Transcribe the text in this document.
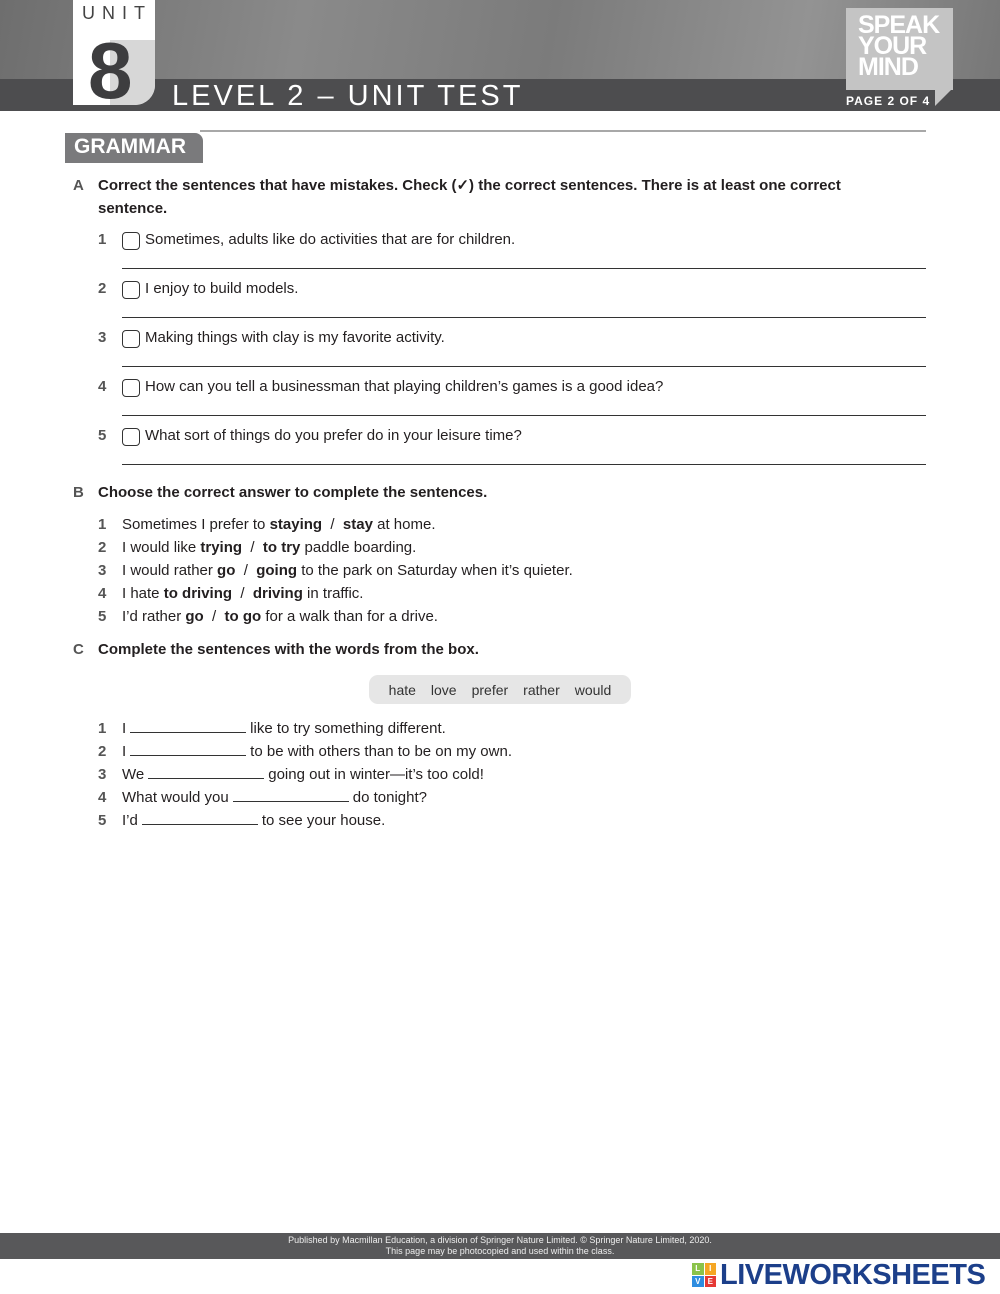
UNIT
8 LEVEL 2 – UNIT TEST
SPEAK
YOUR
MIND
PAGE 2 OF 4
GRAMMAR
A Correct the sentences that have mistakes. Check (✓) the correct sentences. There is at least one correct sentence.
1	Sometimes, adults like do activities that are for children.
2	I enjoy to build models.
3	Making things with clay is my favorite activity.
4	How can you tell a businessman that playing children’s games is a good idea?
5	What sort of things do you prefer do in your leisure time?
B Choose the correct answer to complete the sentences.
1 Sometimes I prefer to staying  /  stay at home.
2 I would like trying  /  to try paddle boarding.
3 I would rather go  /  going to the park on Saturday when it’s quieter.
4 I hate to driving  /  driving in traffic.
5 I’d rather go  /  to go for a walk than for a drive.
C Complete the sentences with the words from the box.
hate love prefer rather would
1 I	like to try something different.
2 I	to be with others than to be on my own.
3 We	going out in winter—it’s too cold!
4 What would you	do tonight?
5 I’d	to see your house.
Published by Macmillan Education, a division of Springer Nature Limited. © Springer Nature Limited, 2020.
This page may be photocopied and used within the class.
L	I
V E LIVEWORKSHEETS
